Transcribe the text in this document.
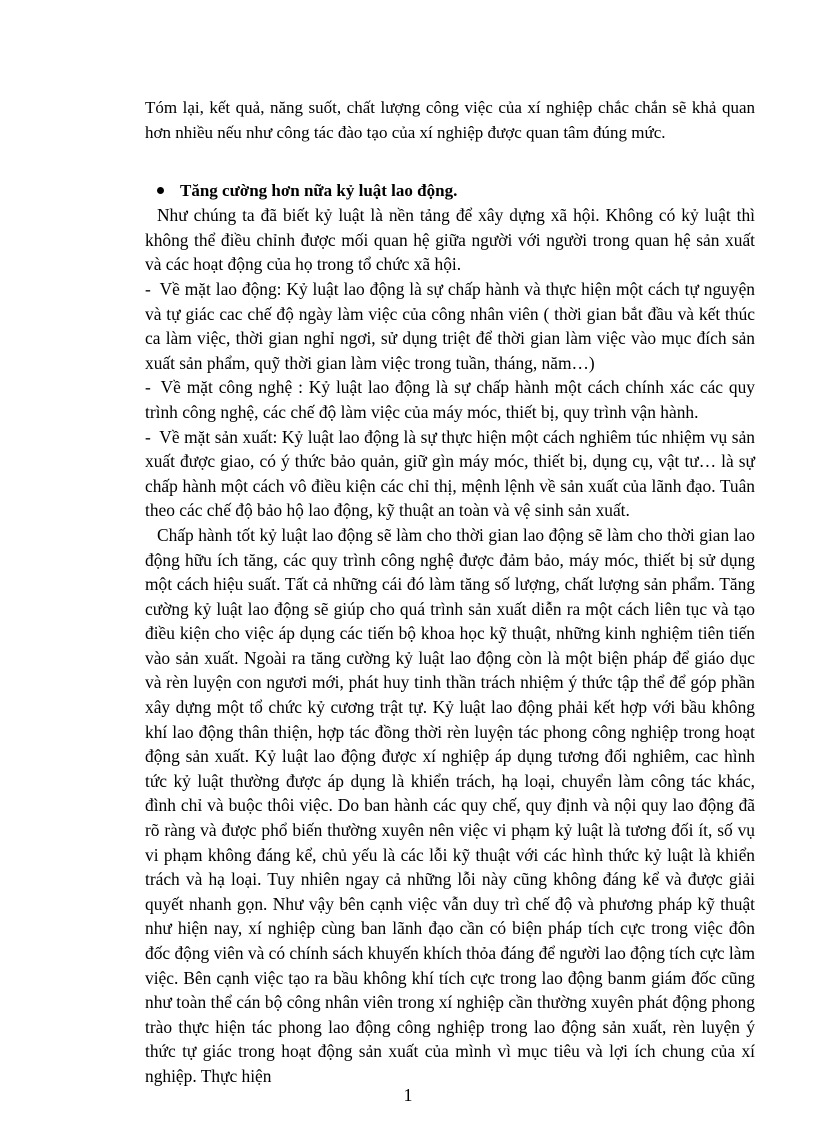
Tóm lại, kết quả, năng suốt, chất lượng công việc của xí nghiệp chắc chắn sẽ khả quan hơn nhiều nếu như công tác đào tạo của xí nghiệp được quan tâm đúng mức.

Tăng cường hơn nữa kỷ luật lao động.

Như chúng ta đã biết kỷ luật là nền tảng để xây dựng xã hội. Không có kỷ luật thì không thể điều chỉnh được mối quan hệ giữa người với người trong quan hệ sản xuất và các hoạt động của họ trong tổ chức xã hội.

- Về mặt lao động: Kỷ luật lao động là sự chấp hành và thực hiện một cách tự nguyện và tự giác cac chế độ ngày làm việc của công nhân viên ( thời gian bắt đầu và kết thúc ca làm việc, thời gian nghỉ ngơi, sử dụng triệt để thời gian làm việc vào mục đích sản xuất sản phẩm, quỹ thời gian làm việc trong tuần, tháng, năm…)

- Về mặt công nghệ : Kỷ luật lao động là sự chấp hành một cách chính xác các quy trình công nghệ, các chế độ làm việc của máy móc, thiết bị, quy trình vận hành.

- Về mặt sản xuất: Kỷ luật lao động là sự thực hiện một cách nghiêm túc nhiệm vụ sản xuất được giao, có ý thức bảo quản, giữ gìn máy móc, thiết bị, dụng cụ, vật tư… là sự chấp hành một cách vô điều kiện các chỉ thị, mệnh lệnh về sản xuất của lãnh đạo. Tuân theo các chế độ bảo hộ lao động, kỹ thuật an toàn và vệ sinh sản xuất.

Chấp hành tốt kỷ luật lao động sẽ làm cho thời gian lao động sẽ làm cho thời gian lao động hữu ích tăng, các quy trình công nghệ được đảm bảo, máy móc, thiết bị sử dụng một cách hiệu suất. Tất cả những cái đó làm tăng số lượng, chất lượng sản phẩm. Tăng cường kỷ luật lao động sẽ giúp cho quá trình sản xuất diễn ra một cách liên tục và tạo điều kiện cho việc áp dụng các tiến bộ khoa học kỹ thuật, những kinh nghiệm tiên tiến vào sản xuất. Ngoài ra tăng cường kỷ luật lao động còn là một biện pháp để giáo dục và rèn luyện con ngươi mới, phát huy tinh thần trách nhiệm ý thức tập thể để góp phần xây dựng một tổ chức kỷ cương trật tự. Kỷ luật lao động phải kết hợp với bầu không khí lao động thân thiện, hợp tác đồng thời rèn luyện tác phong công nghiệp trong hoạt động sản xuất. Kỷ luật lao động được xí nghiệp áp dụng tương đối nghiêm, cac hình tức kỷ luật thường được áp dụng là khiển trách, hạ loại, chuyển làm công tác khác, đình chỉ và buộc thôi việc. Do ban hành các quy chế, quy định và nội quy lao động đã rõ ràng và được phổ biến thường xuyên nên việc vi phạm kỷ luật là tương đối ít, số vụ vi phạm không đáng kể, chủ yếu là các lỗi kỹ thuật với các hình thức kỷ luật là khiển trách và hạ loại. Tuy nhiên ngay cả những lỗi này cũng không đáng kể và được giải quyết nhanh gọn. Như vậy bên cạnh việc vẫn duy trì chế độ và phương pháp kỹ thuật như hiện nay, xí nghiệp cùng ban lãnh đạo cần có biện pháp tích cực trong việc đôn đốc động viên và có chính sách khuyến khích thỏa đáng để người lao động tích cực làm việc. Bên cạnh việc tạo ra bầu không khí tích cực trong lao động banm giám đốc cũng như toàn thể cán bộ công nhân viên trong xí nghiệp cần thường xuyên phát động phong trào thực hiện tác phong lao động công nghiệp trong lao động sản xuất, rèn luyện ý thức tự giác trong hoạt động sản xuất của mình vì mục tiêu và lợi ích chung của xí nghiệp. Thực hiện

1
